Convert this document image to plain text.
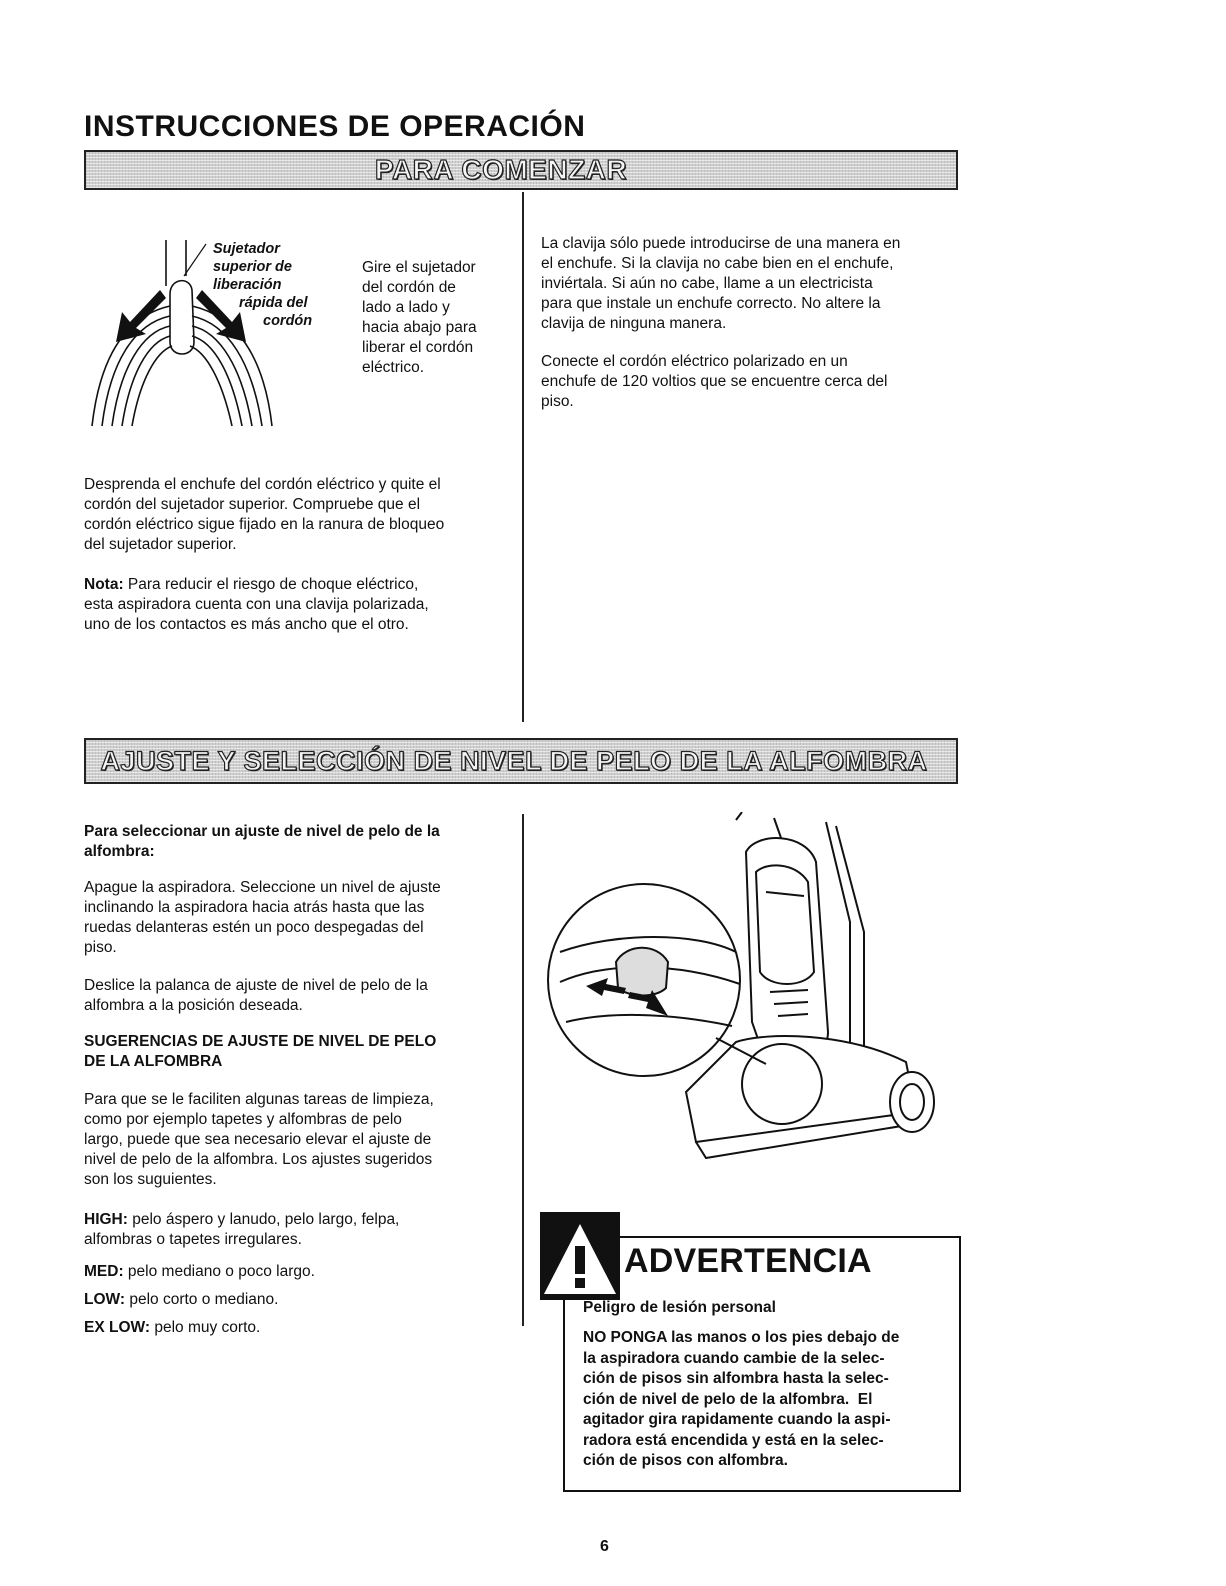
INSTRUCCIONES DE OPERACIÓN
PARA COMENZAR
Sujetador
superior de
liberación
rápida del
cordón
Gire el sujetador
del cordón de
lado a lado y
hacia abajo para
liberar el cordón
eléctrico.
Desprenda el enchufe del cordón eléctrico y quite el
cordón del sujetador superior. Compruebe que el
cordón eléctrico sigue fijado en la ranura de bloqueo
del sujetador superior.
Nota: Para reducir el riesgo de choque eléctrico,
esta aspiradora cuenta con una clavija polarizada,
uno de los contactos es más ancho que el otro.
La clavija sólo puede introducirse de una manera en
el enchufe. Si la clavija no cabe bien en el enchufe,
inviértala. Si aún no cabe, llame a un electricista
para que instale un enchufe correcto. No altere la
clavija de ninguna manera.
Conecte el cordón eléctrico polarizado en un
enchufe de 120 voltios que se encuentre cerca del
piso.
AJUSTE Y SELECCIÓN DE NIVEL DE PELO DE LA ALFOMBRA
Para seleccionar un ajuste de nivel de pelo de la
alfombra:
Apague la aspiradora. Seleccione un nivel de ajuste
inclinando la aspiradora hacia atrás hasta que las
ruedas delanteras estén un poco despegadas del
piso.
Deslice la palanca de ajuste de nivel de pelo de la
alfombra a la posición deseada.
SUGERENCIAS DE AJUSTE DE NIVEL DE PELO
DE LA ALFOMBRA
Para que se le faciliten algunas tareas de limpieza,
como por ejemplo tapetes y alfombras de pelo
largo, puede que sea necesario elevar el ajuste de
nivel de pelo de la alfombra. Los ajustes sugeridos
son los suguientes.
HIGH: pelo áspero y lanudo, pelo largo, felpa,
alfombras o tapetes irregulares.
MED: pelo mediano o poco largo.
LOW: pelo corto o mediano.
EX LOW: pelo muy corto.
ADVERTENCIA
Peligro de lesión personal
NO PONGA las manos o los pies debajo de
la aspiradora cuando cambie de la selec-
ción de pisos sin alfombra hasta la selec-
ción de nivel de pelo de la alfombra.  El
agitador gira rapidamente cuando la aspi-
radora está encendida y está en la selec-
ción de pisos con alfombra.
6
